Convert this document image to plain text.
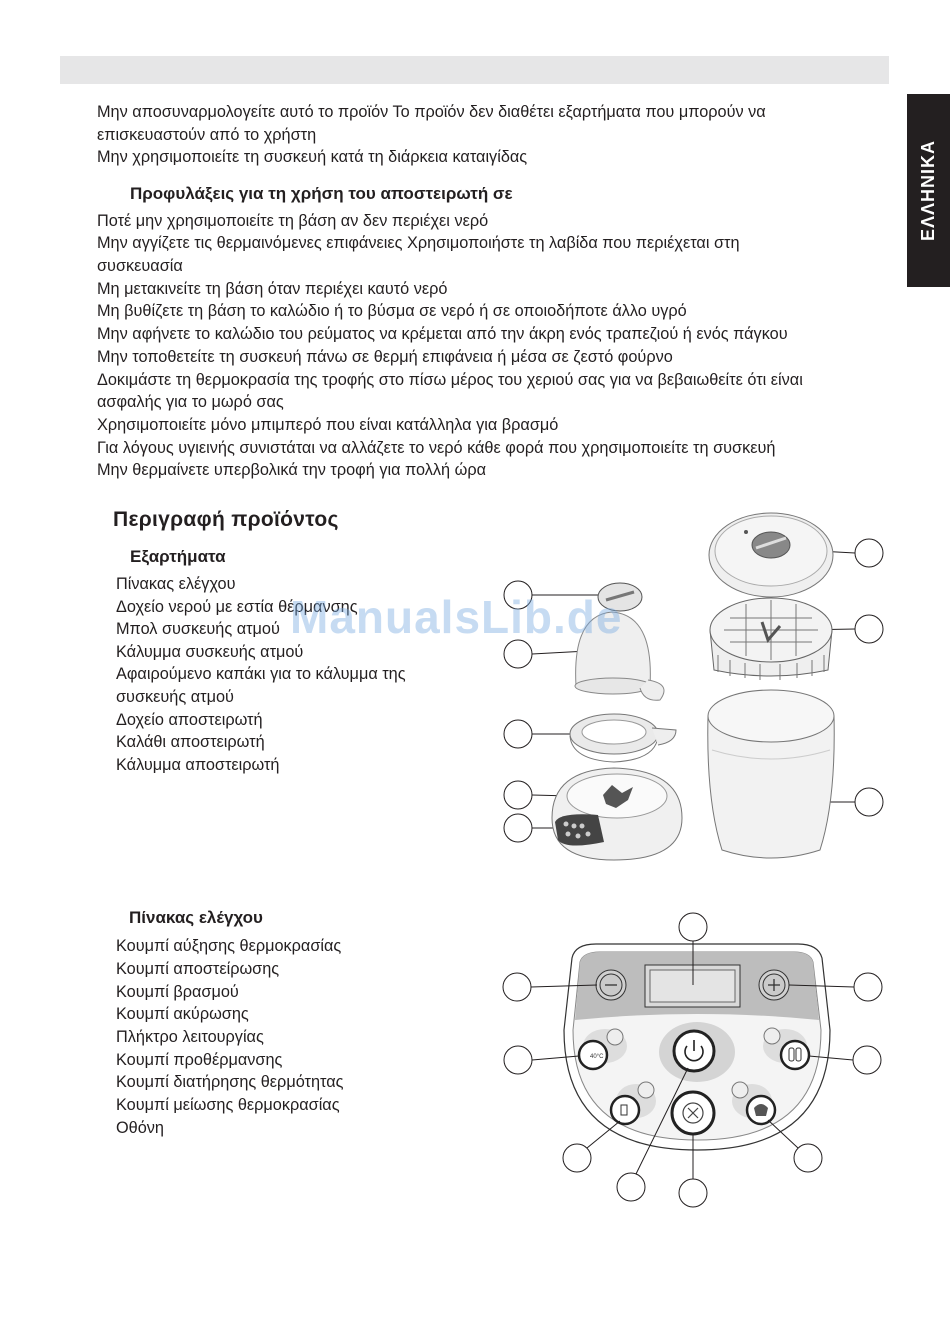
ΕΛΛΗΝΙΚΑ
Μην αποσυναρμολογείτε αυτό το προϊόν Το προϊόν δεν διαθέτει εξαρτήματα που μπορούν να
επισκευαστούν από το χρήστη
Μην χρησιμοποιείτε τη συσκευή κατά τη διάρκεια καταιγίδας
Προφυλάξεις για τη χρήση του αποστειρωτή σε
Ποτέ μην χρησιμοποιείτε τη βάση αν δεν περιέχει νερό
Μην αγγίζετε τις θερμαινόμενες επιφάνειες Χρησιμοποιήστε τη λαβίδα που περιέχεται στη
συσκευασία
Μη μετακινείτε τη βάση όταν περιέχει καυτό νερό
Μη βυθίζετε τη βάση το καλώδιο ή το βύσμα σε νερό ή σε οποιοδήποτε άλλο υγρό
Μην αφήνετε το καλώδιο του ρεύματος να κρέμεται από την άκρη ενός τραπεζιού ή ενός πάγκου
Μην τοποθετείτε τη συσκευή πάνω σε θερμή επιφάνεια ή μέσα σε ζεστό φούρνο
Δοκιμάστε τη θερμοκρασία της τροφής στο πίσω μέρος του χεριού σας για να βεβαιωθείτε ότι είναι
ασφαλής για το μωρό σας
Χρησιμοποιείτε μόνο μπιμπερό που είναι κατάλληλα για βρασμό
Για λόγους υγιεινής συνιστάται να αλλάζετε το νερό κάθε φορά που χρησιμοποιείτε τη συσκευή
Μην θερμαίνετε υπερβολικά την τροφή για πολλή ώρα
Περιγραφή προϊόντος
Εξαρτήματα
Πίνακας ελέγχου
Δοχείο νερού με εστία θέρμανσης
Μπολ συσκευής ατμού
Κάλυμμα συσκευής ατμού
Αφαιρούμενο καπάκι για το κάλυμμα της
συσκευής ατμού
Δοχείο αποστειρωτή
Καλάθι αποστειρωτή
Κάλυμμα αποστειρωτή
ManualsLib.de
Πίνακας ελέγχου
Κουμπί αύξησης θερμοκρασίας
Κουμπί αποστείρωσης
Κουμπί βρασμού
Κουμπί ακύρωσης
Πλήκτρο λειτουργίας
Κουμπί προθέρμανσης
Κουμπί διατήρησης θερμότητας
Κουμπί μείωσης θερμοκρασίας
Οθόνη
40°C
